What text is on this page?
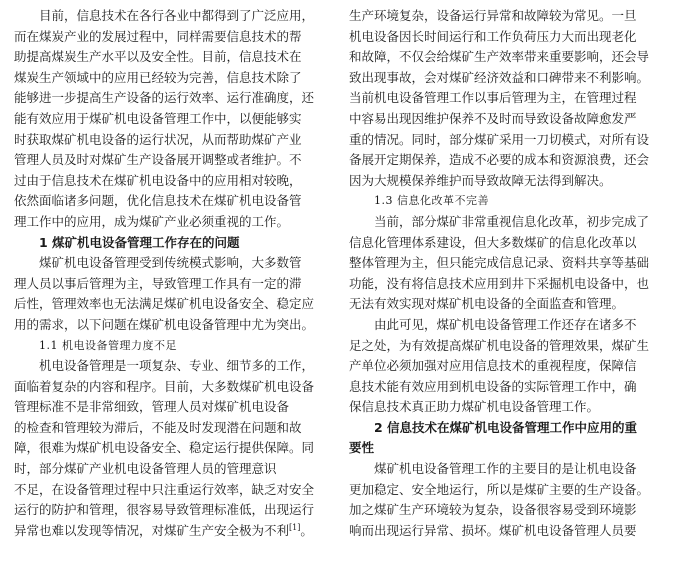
目前，信息技术在各行各业中都得到了广泛应用，
而在煤炭产业的发展过程中，同样需要信息技术的帮
助提高煤炭生产水平以及安全性。目前，信息技术在
煤炭生产领域中的应用已经较为完善，信息技术除了
能够进一步提高生产设备的运行效率、运行准确度，还
能有效应用于煤矿机电设备管理工作中，以便能够实
时获取煤矿机电设备的运行状况，从而帮助煤矿产业
管理人员及时对煤矿生产设备展开调整或者维护。不
过由于信息技术在煤矿机电设备中的应用相对较晚，
依然面临诸多问题，优化信息技术在煤矿机电设备管
理工作中的应用，成为煤矿产业必须重视的工作。
1 煤矿机电设备管理工作存在的问题
煤矿机电设备管理受到传统模式影响，大多数管
理人员以事后管理为主，导致管理工作具有一定的滞
后性，管理效率也无法满足煤矿机电设备安全、稳定应
用的需求，以下问题在煤矿机电设备管理中尤为突出。
1.1 机电设备管理力度不足
机电设备管理是一项复杂、专业、细节多的工作，
面临着复杂的内容和程序。目前，大多数煤矿机电设备
管理标准不是非常细致，管理人员对煤矿机电设备
的检查和管理较为滞后，不能及时发现潜在问题和故
障，很难为煤矿机电设备安全、稳定运行提供保障。同
时，部分煤矿产业机电设备管理人员的管理意识
不足，在设备管理过程中只注重运行效率，缺乏对安全
运行的防护和管理，很容易导致管理标准低，出现运行
异常也难以发现等情况，对煤矿生产安全极为不利[1]。
生产环境复杂，设备运行异常和故障较为常见。一旦
机电设备因长时间运行和工作负荷压力大而出现老化
和故障，不仅会给煤矿生产效率带来重要影响，还会导
致出现事故，会对煤矿经济效益和口碑带来不利影响。
当前机电设备管理工作以事后管理为主，在管理过程
中容易出现因维护保养不及时而导致设备故障愈发严
重的情况。同时，部分煤矿采用一刀切模式，对所有设
备展开定期保养，造成不必要的成本和资源浪费，还会
因为大规模保养维护而导致故障无法得到解决。
1.3 信息化改革不完善
当前，部分煤矿非常重视信息化改革，初步完成了
信息化管理体系建设，但大多数煤矿的信息化改革以
整体管理为主，但只能完成信息记录、资料共享等基础
功能，没有将信息技术应用到井下采掘机电设备中，也
无法有效实现对煤矿机电设备的全面监查和管理。
由此可见，煤矿机电设备管理工作还存在诸多不
足之处，为有效提高煤矿机电设备的管理效果，煤矿生
产单位必须加强对应用信息技术的重视程度，保障信
息技术能有效应用到机电设备的实际管理工作中，确
保信息技术真正助力煤矿机电设备管理工作。
2 信息技术在煤矿机电设备管理工作中应用的重
要性
煤矿机电设备管理工作的主要目的是让机电设备
更加稳定、安全地运行，所以是煤矿主要的生产设备。
加之煤矿生产环境较为复杂，设备很容易受到环境影
响而出现运行异常、损坏。煤矿机电设备管理人员要
